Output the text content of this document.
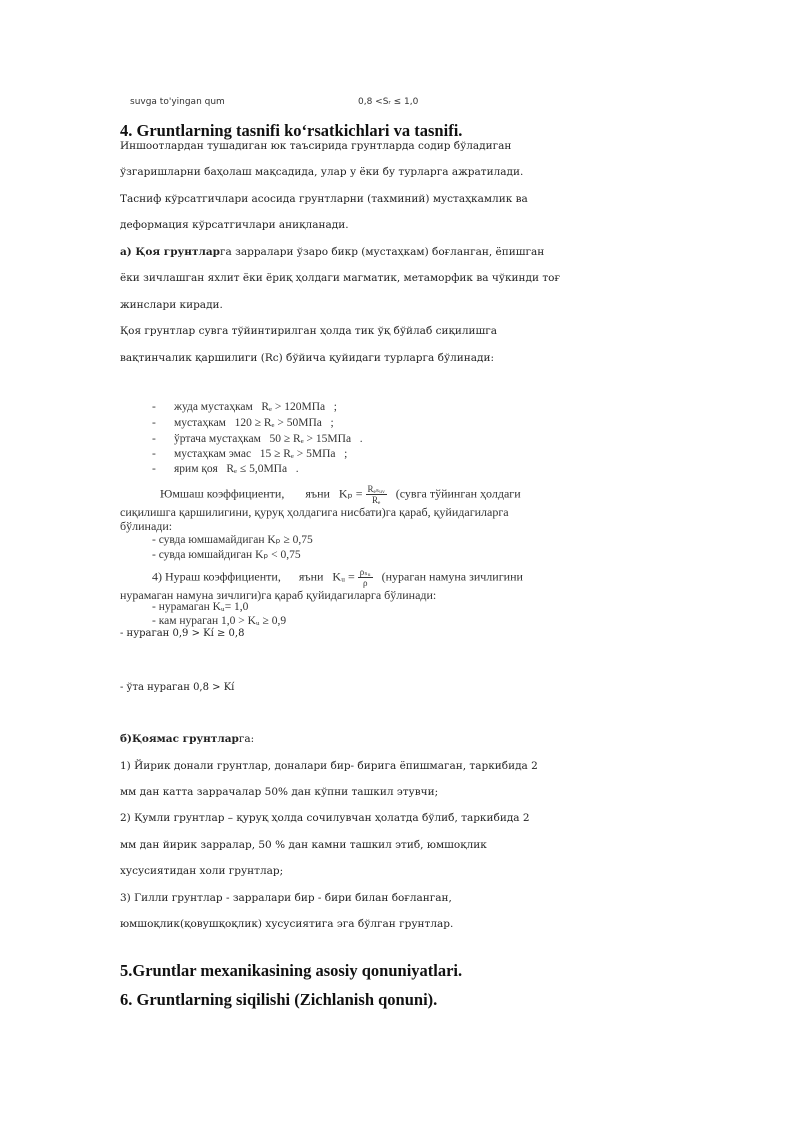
suvga to'yingan qum	0,8 <Sᵣ ≤ 1,0
4. Gruntlarning tasnifi ko‘rsatkichlari va tasnifi.
Иншоотлардан тушадиган юк таъсирида грунтларда содир бўладиган
ўзгаришларни баҳолаш мақсадида, улар у ёки бу турларга ажратилади.
Тасниф кўрсатгичлари асосида грунтларни (тахминий) мустаҳкамлик ва
деформация кўрсатгичлари аниқланади.
а) Қоя грунтларга зарралари ўзаро бикр (мустаҳкам) боғланган, ёпишган
ёки зичлашган яхлит ёки ёриқ ҳолдаги магматик, метаморфик ва чўкинди тоғ
жинслари киради.
Қоя грунтлар сувга тўйинтирилган ҳолда тик ўқ бўйлаб сиқилишга
вақтинчалик қаршилиги (Rc) бўйича қуйидаги турларга бўлинади:
- жуда мустаҳкам Rₑ > 120МПа ;
- мустаҳкам 120 ≥ Rₑ > 50МПа ;
- ўртача мустаҳкам 50 ≥ Rₑ > 15МПа .
- мустаҳкам эмас 15 ≥ Rₑ > 5МПа ;
- ярим қоя Rₑ ≤ 5,0МПа .
Юмшаш коэффициенти, яъни $K_p = \frac{\text{Rₑₛᵤᵥ}}{\text{Rₑ}}$ (сувга тўйинган ҳолдаги
сиқилишга қаршилигини, қуруқ ҳолдагига нисбати)га қараб, қуйидагиларга
бўлинади:
- сувда юмшамайдиган Kₚ ≥ 0,75
- сувда юмшайдиган Kₚ < 0,75
4) Нураш коэффициенти, яъни Kᵤ = $\frac{\text{ρₛᵤ}}{\rho}$ (нураган намуна зичлигини
нурамаган намуна зичлиги)га қараб қуйидагиларга бўлинади:
- нурамаган Kᵤ= 1,0
- кам нураган 1,0 > Kᵤ ≥ 0,9
- нураган 0,9 > Kí ≥ 0,8
- ўта нураган 0,8 > Kí
б)Қоямас грунтларга:
1) Йирик донали грунтлар, доналари бир- бирига ёпишмаган, таркибида 2
мм дан катта заррачалар 50% дан кўпни ташкил этувчи;
2) Қумли грунтлар – қуруқ ҳолда сочилувчан ҳолатда бўлиб, таркибида 2
мм дан йирик зарралар, 50 % дан камни ташкил этиб, юмшоқлик
хусусиятидан холи грунтлар;
3) Гилли грунтлар - зарралари бир - бири билан боғланган,
юмшоқлик(қовушқоқлик) хусусиятига эга бўлган грунтлар.
5.Gruntlar mexanikasining asosiy qonuniyatlari.
6. Gruntlarning siqilishi (Zichlanish qonuni).
